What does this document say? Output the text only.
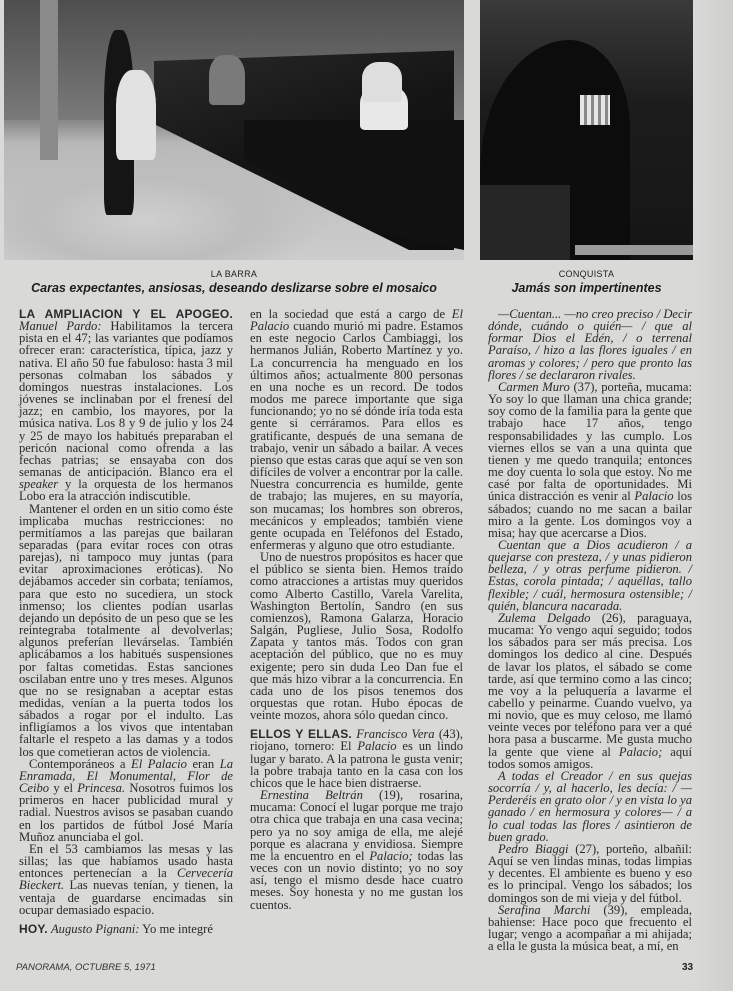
LA BARRA
Caras expectantes, ansiosas, deseando deslizarse sobre el mosaico
CONQUISTA
Jamás son impertinentes

LA AMPLIACION Y EL APOGEO. Manuel Pardo: Habilitamos la tercera pista en el 47; las variantes que podíamos ofrecer eran: característica, típica, jazz y nativa. El año 50 fue fabuloso: hasta 3 mil personas colmaban los sábados y domingos nuestras instalaciones. Los jóvenes se inclinaban por el frenesí del jazz; en cambio, los mayores, por la música nativa. Los 8 y 9 de julio y los 24 y 25 de mayo los habitués preparaban el pericón nacional como ofrenda a las fechas patrias; se ensayaba con dos semanas de anticipación. Blanco era el speaker y la orquesta de los hermanos Lobo era la atracción indiscutible.

Mantener el orden en un sitio como éste implicaba muchas restricciones: no permitíamos a las parejas que bailaran separadas (para evitar roces con otras parejas), ni tampoco muy juntas (para evitar aproximaciones eróticas). No dejábamos acceder sin corbata; teníamos, para que esto no sucediera, un stock inmenso; los clientes podían usarlas dejando un depósito de un peso que se les reintegraba totalmente al devolverlas; algunos preferían llevárselas. También aplicábamos a los habitués suspensiones por faltas cometidas. Estas sanciones oscilaban entre uno y tres meses. Algunos que no se resignaban a aceptar estas medidas, venían a la puerta todos los sábados a rogar por el indulto. Las infligíamos a los vivos que intentaban faltarle el respeto a las damas y a todos los que cometieran actos de violencia.

Contemporáneos a El Palacio eran La Enramada, El Monumental, Flor de Ceibo y el Princesa. Nosotros fuimos los primeros en hacer publicidad mural y radial. Nuestros avisos se pasaban cuando en los partidos de fútbol José María Muñoz anunciaba el gol.

En el 53 cambiamos las mesas y las sillas; las que habíamos usado hasta entonces pertenecían a la Cervecería Bieckert. Las nuevas tenían, y tienen, la ventaja de guardarse encimadas sin ocupar demasiado espacio.

HOY. Augusto Pignani: Yo me integré

en la sociedad que está a cargo de El Palacio cuando murió mi padre. Estamos en este negocio Carlos Cambiaggi, los hermanos Julián, Roberto Martínez y yo. La concurrencia ha menguado en los últimos años; actualmente 800 personas en una noche es un record. De todos modos me parece importante que siga funcionando; yo no sé dónde iría toda esta gente si cerráramos. Para ellos es gratificante, después de una semana de trabajo, venir un sábado a bailar. A veces pienso que estas caras que aquí se ven son difíciles de volver a encontrar por la calle. Nuestra concurrencia es humilde, gente de trabajo; las mujeres, en su mayoría, son mucamas; los hombres son obreros, mecánicos y empleados; también viene gente ocupada en Teléfonos del Estado, enfermeras y alguno que otro estudiante.

Uno de nuestros propósitos es hacer que el público se sienta bien. Hemos traído como atracciones a artistas muy queridos como Alberto Castillo, Varela Varelita, Washington Bertolín, Sandro (en sus comienzos), Ramona Galarza, Horacio Salgán, Pugliese, Julio Sosa, Rodolfo Zapata y tantos más. Todos con gran aceptación del público, que no es muy exigente; pero sin duda Leo Dan fue el que más hizo vibrar a la concurrencia. En cada uno de los pisos tenemos dos orquestas que rotan. Hubo épocas de veinte mozos, ahora sólo quedan cinco.

ELLOS Y ELLAS. Francisco Vera (43), riojano, tornero: El Palacio es un lindo lugar y barato. A la patrona le gusta venir; la pobre trabaja tanto en la casa con los chicos que le hace bien distraerse.

Ernestina Beltrán (19), rosarina, mucama: Conocí el lugar porque me trajo otra chica que trabaja en una casa vecina; pero ya no soy amiga de ella, me alejé porque es alacrana y envidiosa. Siempre me la encuentro en el Palacio; todas las veces con un novio distinto; yo no soy así, tengo el mismo desde hace cuatro meses. Soy honesta y no me gustan los cuentos.

—Cuentan... —no creo preciso / Decir dónde, cuándo o quién— / que al formar Dios el Edén, / o terrenal Paraíso, / hizo a las flores iguales / en aromas y colores; / pero que pronto las flores / se declararon rivales.

Carmen Muro (37), porteña, mucama: Yo soy lo que llaman una chica grande; soy como de la familia para la gente que trabajo hace 17 años, tengo responsabilidades y las cumplo. Los viernes ellos se van a una quinta que tienen y me quedo tranquila; entonces me doy cuenta lo sola que estoy. No me casé por falta de oportunidades. Mi única distracción es venir al Palacio los sábados; cuando no me sacan a bailar miro a la gente. Los domingos voy a misa; hay que acercarse a Dios.

Cuentan que a Dios acudieron / a quejarse con presteza, / y unas pidieron belleza, / y otras perfume pidieron. / Estas, corola pintada; / aquéllas, tallo flexible; / cuál, hermosura ostensible; / quién, blancura nacarada.

Zulema Delgado (26), paraguaya, mucama: Yo vengo aquí seguido; todos los sábados para ser más precisa. Los domingos los dedico al cine. Después de lavar los platos, el sábado se come tarde, así que termino como a las cinco; me voy a la peluquería a lavarme el cabello y peinarme. Cuando vuelvo, ya mi novio, que es muy celoso, me llamó veinte veces por teléfono para ver a qué hora pasa a buscarme. Me gusta mucho la gente que viene al Palacio; aquí todos somos amigos.

A todas el Creador / en sus quejas socorría / y, al hacerlo, les decía: / —Perderéis en grato olor / y en vista lo ya ganado / en hermosura y colores— / a lo cual todas las flores / asintieron de buen grado.

Pedro Biaggi (27), porteño, albañil: Aquí se ven lindas minas, todas limpias y decentes. El ambiente es bueno y eso es lo principal. Vengo los sábados; los domingos son de mi vieja y del fútbol.

Serafina Marchi (39), empleada, bahiense: Hace poco que frecuento el lugar; vengo a acompañar a mi ahijada; a ella le gusta la música beat, a mí, en

PANORAMA, OCTUBRE 5, 1971	33
